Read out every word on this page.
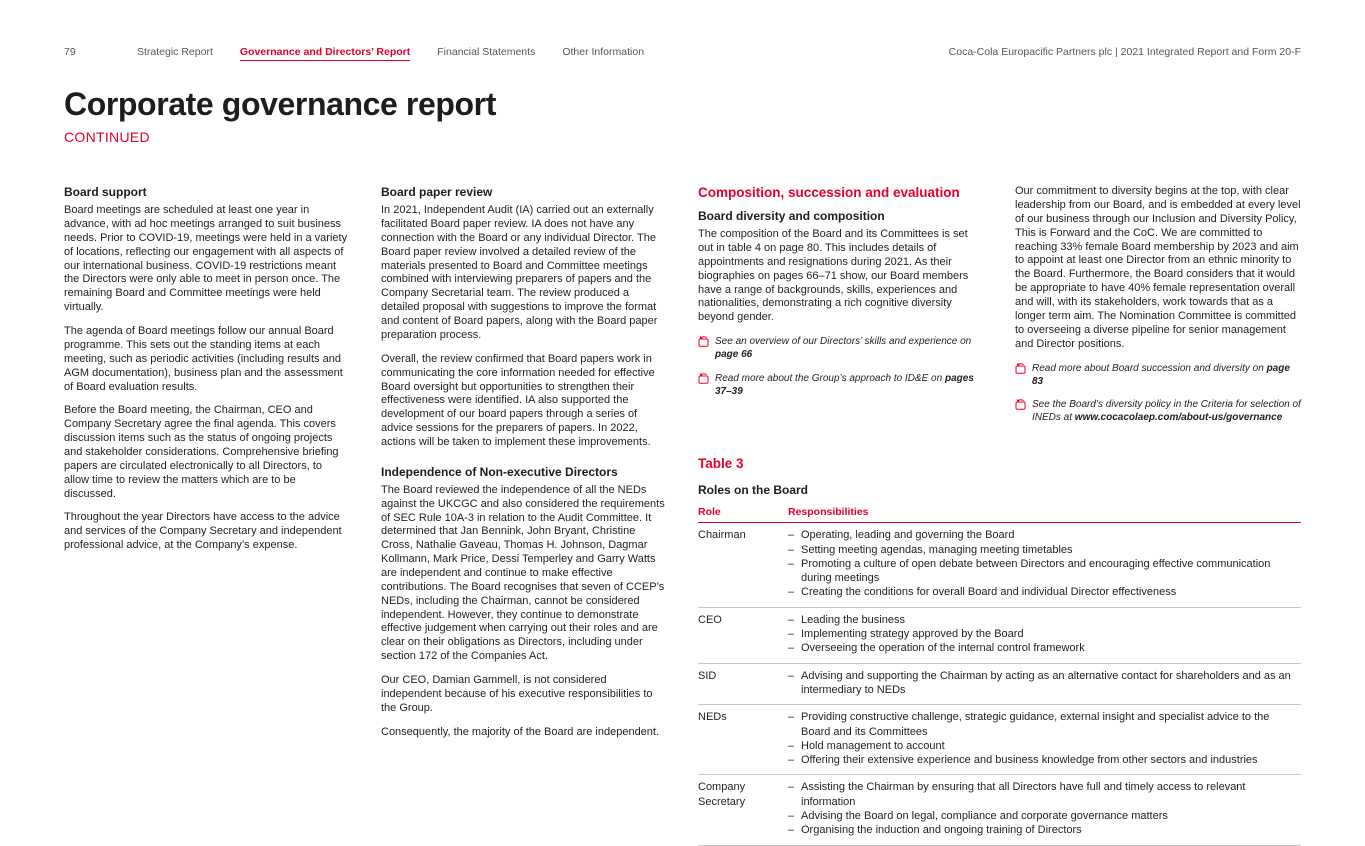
79	Strategic Report	Governance and Directors’ Report	Financial Statements	Other Information	Coca-Cola Europacific Partners plc | 2021 Integrated Report and Form 20-F
Corporate governance report
CONTINUED
Board support

Board meetings are scheduled at least one year in advance, with ad hoc meetings arranged to suit business needs. Prior to COVID-19, meetings were held in a variety of locations, reflecting our engagement with all aspects of our international business. COVID-19 restrictions meant the Directors were only able to meet in person once. The remaining Board and Committee meetings were held virtually.

The agenda of Board meetings follow our annual Board programme. This sets out the standing items at each meeting, such as periodic activities (including results and AGM documentation), business plan and the assessment of Board evaluation results.

Before the Board meeting, the Chairman, CEO and Company Secretary agree the final agenda. This covers discussion items such as the status of ongoing projects and stakeholder considerations. Comprehensive briefing papers are circulated electronically to all Directors, to allow time to review the matters which are to be discussed.

Throughout the year Directors have access to the advice and services of the Company Secretary and independent professional advice, at the Company’s expense.

Board paper review

In 2021, Independent Audit (IA) carried out an externally facilitated Board paper review. IA does not have any connection with the Board or any individual Director. The Board paper review involved a detailed review of the materials presented to Board and Committee meetings combined with interviewing preparers of papers and the Company Secretarial team. The review produced a detailed proposal with suggestions to improve the format and content of Board papers, along with the Board paper preparation process.

Overall, the review confirmed that Board papers work in communicating the core information needed for effective Board oversight but opportunities to strengthen their effectiveness were identified. IA also supported the development of our board papers through a series of advice sessions for the preparers of papers. In 2022, actions will be taken to implement these improvements.

Independence of Non-executive Directors

The Board reviewed the independence of all the NEDs against the UKCGC and also considered the requirements of SEC Rule 10A-3 in relation to the Audit Committee. It determined that Jan Bennink, John Bryant, Christine Cross, Nathalie Gaveau, Thomas H. Johnson, Dagmar Kollmann, Mark Price, Dessi Temperley and Garry Watts are independent and continue to make effective contributions. The Board recognises that seven of CCEP’s NEDs, including the Chairman, cannot be considered independent. However, they continue to demonstrate effective judgement when carrying out their roles and are clear on their obligations as Directors, including under section 172 of the Companies Act.

Our CEO, Damian Gammell, is not considered independent because of his executive responsibilities to the Group.

Consequently, the majority of the Board are independent.

Composition, succession and evaluation
Board diversity and composition

The composition of the Board and its Committees is set out in table 4 on page 80. This includes details of appointments and resignations during 2021. As their biographies on pages 66–71 show, our Board members have a range of backgrounds, skills, experiences and nationalities, demonstrating a rich cognitive diversity beyond gender.

See an overview of our Directors’ skills and experience on page 66
Read more about the Group’s approach to ID&E on pages 37–39

Our commitment to diversity begins at the top, with clear leadership from our Board, and is embedded at every level of our business through our Inclusion and Diversity Policy, This is Forward and the CoC. We are committed to reaching 33% female Board membership by 2023 and aim to appoint at least one Director from an ethnic minority to the Board. Furthermore, the Board considers that it would be appropriate to have 40% female representation overall and will, with its stakeholders, work towards that as a longer term aim. The Nomination Committee is committed to overseeing a diverse pipeline for senior management and Director positions.

Read more about Board succession and diversity on page 83
See the Board’s diversity policy in the Criteria for selection of INEDs at www.cocacolaep.com/about-us/governance
Table 3
Roles on the Board
Role	Responsibilities
Chairman	– Operating, leading and governing the Board
– Setting meeting agendas, managing meeting timetables
– Promoting a culture of open debate between Directors and encouraging effective communication during meetings
– Creating the conditions for overall Board and individual Director effectiveness
CEO	– Leading the business
– Implementing strategy approved by the Board
– Overseeing the operation of the internal control framework
SID	– Advising and supporting the Chairman by acting as an alternative contact for shareholders and as an intermediary to NEDs
NEDs	– Providing constructive challenge, strategic guidance, external insight and specialist advice to the Board and its Committees
– Hold management to account
– Offering their extensive experience and business knowledge from other sectors and industries
Company Secretary
– Assisting the Chairman by ensuring that all Directors have full and timely access to relevant information
– Advising the Board on legal, compliance and corporate governance matters
– Organising the induction and ongoing training of Directors
